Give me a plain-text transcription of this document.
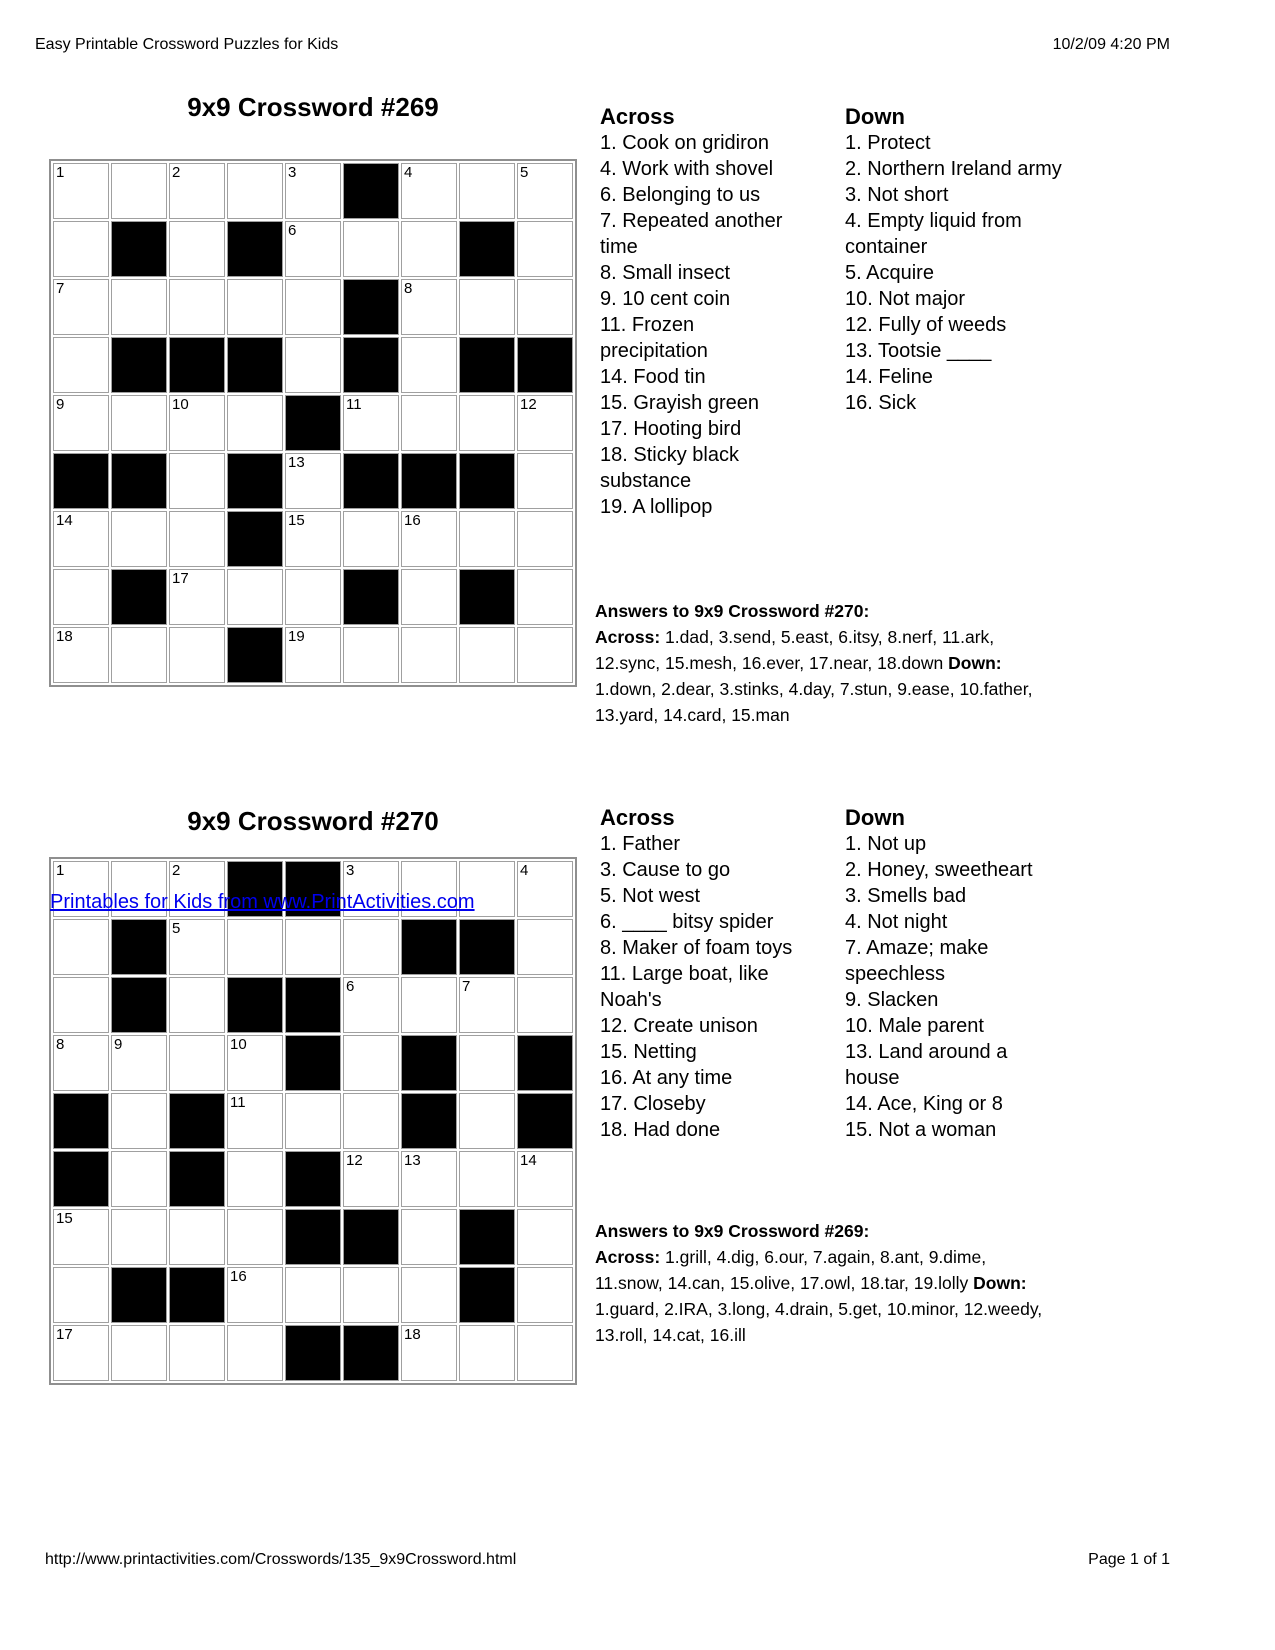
Easy Printable Crossword Puzzles for Kids	10/2/09 4:20 PM
9x9 Crossword #269
1		2		3		4		5

				6				

7						8		

9		10			11			12

				13				

14				15		16		

		17						

18				19				

Across
1. Cook on gridiron
4. Work with shovel
6. Belonging to us
7. Repeated another time
8. Small insect
9. 10 cent coin
11. Frozen precipitation
14. Food tin
15. Grayish green
17. Hooting bird
18. Sticky black substance
19. A lollipop
Down
1. Protect
2. Northern Ireland army
3. Not short
4. Empty liquid from container
5. Acquire
10. Not major
12. Fully of weeds
13. Tootsie ____
14. Feline
16. Sick
Answers to 9x9 Crossword #270:
Across: 1.dad, 3.send, 5.east, 6.itsy, 8.nerf, 11.ark, 12.sync, 15.mesh, 16.ever, 17.near, 18.down Down: 1.down, 2.dear, 3.stinks, 4.day, 7.stun, 9.ease, 10.father, 13.yard, 14.card, 15.man
9x9 Crossword #270
1		2			3			4

		5						

					6		7	

8	9		10					

			11					

					12	13		14

15								

			16					

17						18		

Printables for Kids from www.PrintActivities.com
Across
1. Father
3. Cause to go
5. Not west
6. ____ bitsy spider
8. Maker of foam toys
11. Large boat, like Noah's
12. Create unison
15. Netting
16. At any time
17. Closeby
18. Had done
Down
1. Not up
2. Honey, sweetheart
3. Smells bad
4. Not night
7. Amaze; make speechless
9. Slacken
10. Male parent
13. Land around a house
14. Ace, King or 8
15. Not a woman
Answers to 9x9 Crossword #269:
Across: 1.grill, 4.dig, 6.our, 7.again, 8.ant, 9.dime, 11.snow, 14.can, 15.olive, 17.owl, 18.tar, 19.lolly Down: 1.guard, 2.IRA, 3.long, 4.drain, 5.get, 10.minor, 12.weedy, 13.roll, 14.cat, 16.ill
http://www.printactivities.com/Crosswords/135_9x9Crossword.html	Page 1 of 1
